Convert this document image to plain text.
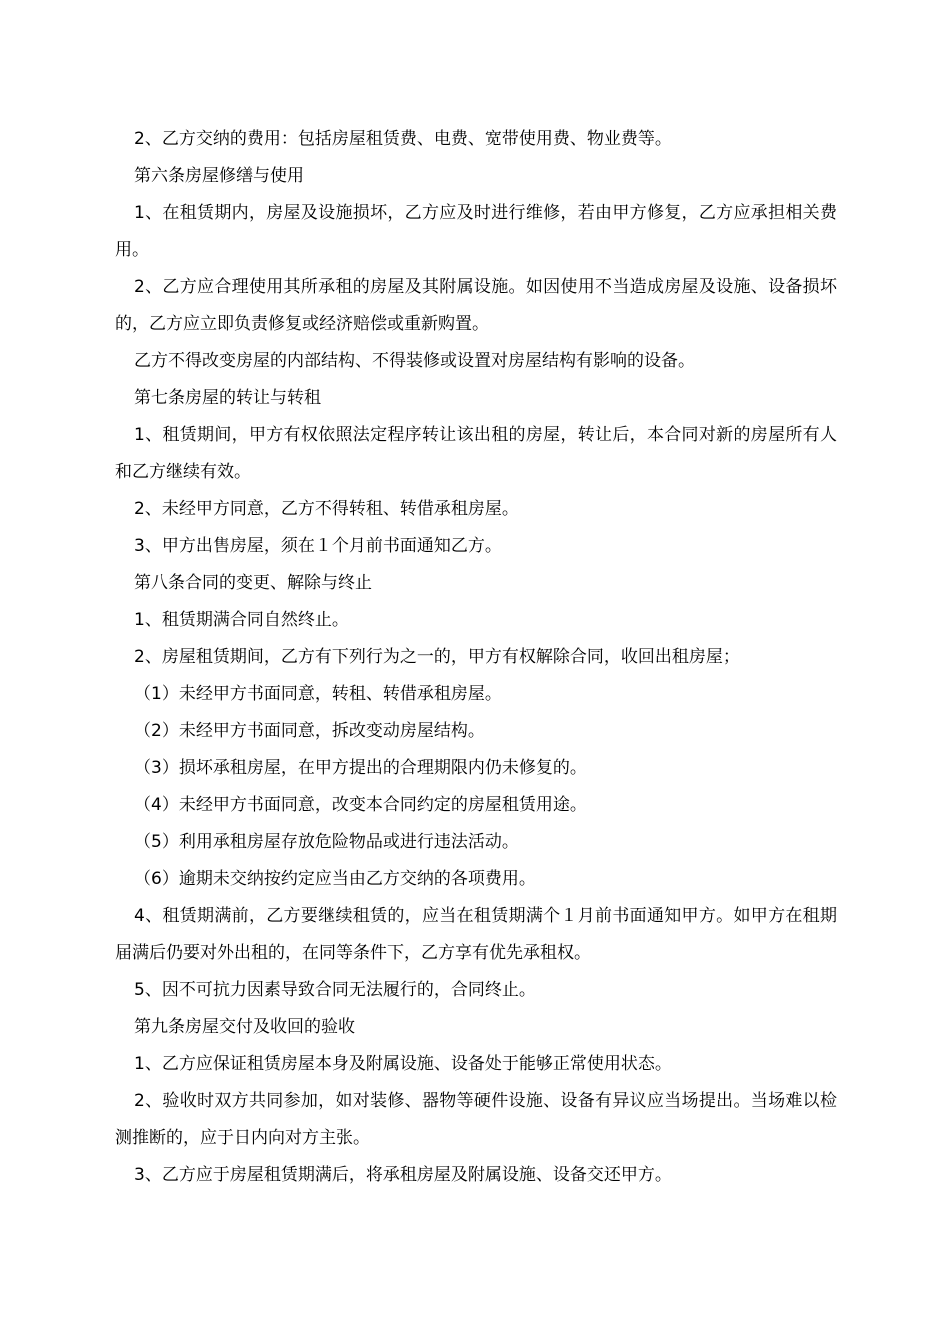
2、乙方交纳的费用：包括房屋租赁费、电费、宽带使用费、物业费等。

第六条房屋修缮与使用

1、在租赁期内，房屋及设施损坏，乙方应及时进行维修，若由甲方修复，乙方应承担相关费用。

2、乙方应合理使用其所承租的房屋及其附属设施。如因使用不当造成房屋及设施、设备损坏的，乙方应立即负责修复或经济赔偿或重新购置。

乙方不得改变房屋的内部结构、不得装修或设置对房屋结构有影响的设备。

第七条房屋的转让与转租

1、租赁期间，甲方有权依照法定程序转让该出租的房屋，转让后，本合同对新的房屋所有人和乙方继续有效。

2、未经甲方同意，乙方不得转租、转借承租房屋。

3、甲方出售房屋，须在１个月前书面通知乙方。

第八条合同的变更、解除与终止

1、租赁期满合同自然终止。

2、房屋租赁期间，乙方有下列行为之一的，甲方有权解除合同，收回出租房屋；

（1）未经甲方书面同意，转租、转借承租房屋。

（2）未经甲方书面同意，拆改变动房屋结构。

（3）损坏承租房屋，在甲方提出的合理期限内仍未修复的。

（4）未经甲方书面同意，改变本合同约定的房屋租赁用途。

（5）利用承租房屋存放危险物品或进行违法活动。

（6）逾期未交纳按约定应当由乙方交纳的各项费用。

4、租赁期满前，乙方要继续租赁的，应当在租赁期满个１月前书面通知甲方。如甲方在租期届满后仍要对外出租的，在同等条件下，乙方享有优先承租权。

5、因不可抗力因素导致合同无法履行的，合同终止。

第九条房屋交付及收回的验收

1、乙方应保证租赁房屋本身及附属设施、设备处于能够正常使用状态。

2、验收时双方共同参加，如对装修、器物等硬件设施、设备有异议应当场提出。当场难以检测推断的，应于日内向对方主张。

3、乙方应于房屋租赁期满后，将承租房屋及附属设施、设备交还甲方。
